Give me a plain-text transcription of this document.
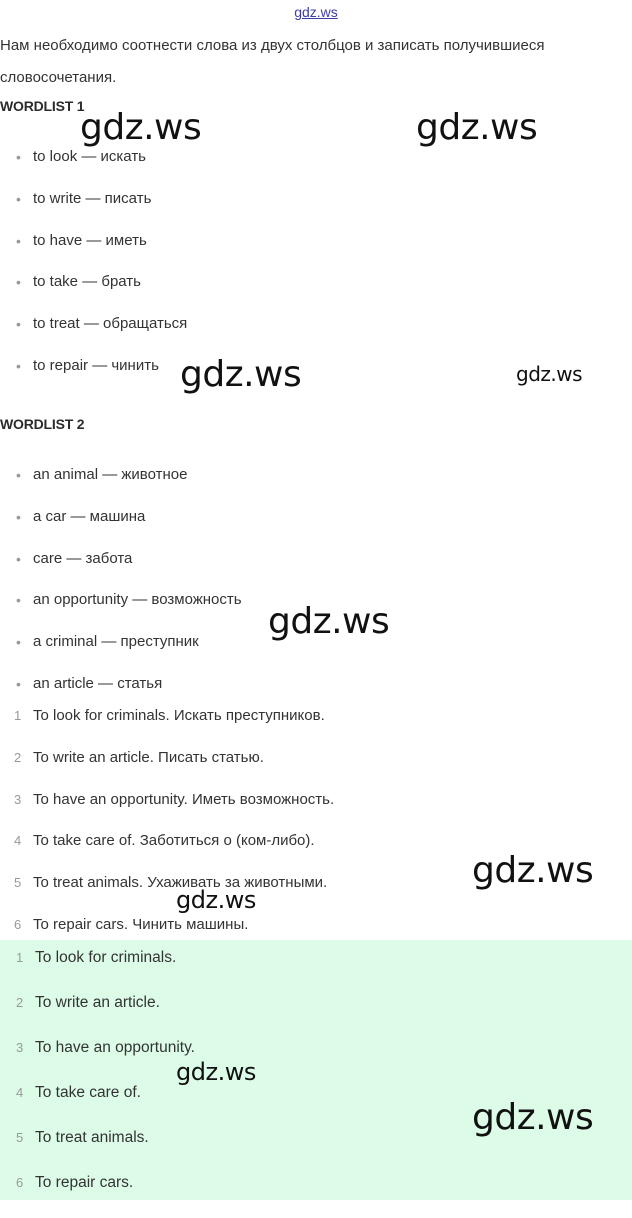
gdz.ws
Нам необходимо соотнести слова из двух столбцов и записать получившиеся словосочетания.
WORDLIST 1
• to look — искать
• to write — писать
• to have — иметь
• to take — брать
• to treat — обращаться
• to repair — чинить
WORDLIST 2
• an animal — животное
• a car — машина
• care — забота
• an opportunity — возможность
• a criminal — преступник
• an article — статья
1 To look for criminals. Искать преступников.
2 To write an article. Писать статью.
3 To have an opportunity. Иметь возможность.
4 To take care of. Заботиться о (ком-либо).
5 To treat animals. Ухаживать за животными.
6 To repair cars. Чинить машины.
1 To look for criminals.
2 To write an article.
3 To have an opportunity.
4 To take care of.
5 To treat animals.
6 To repair cars.
gdz.ws	gdz.ws
gdz.ws	gdz.ws
gdz.ws
gdz.ws
gdz.ws
gdz.ws
gdz.ws
